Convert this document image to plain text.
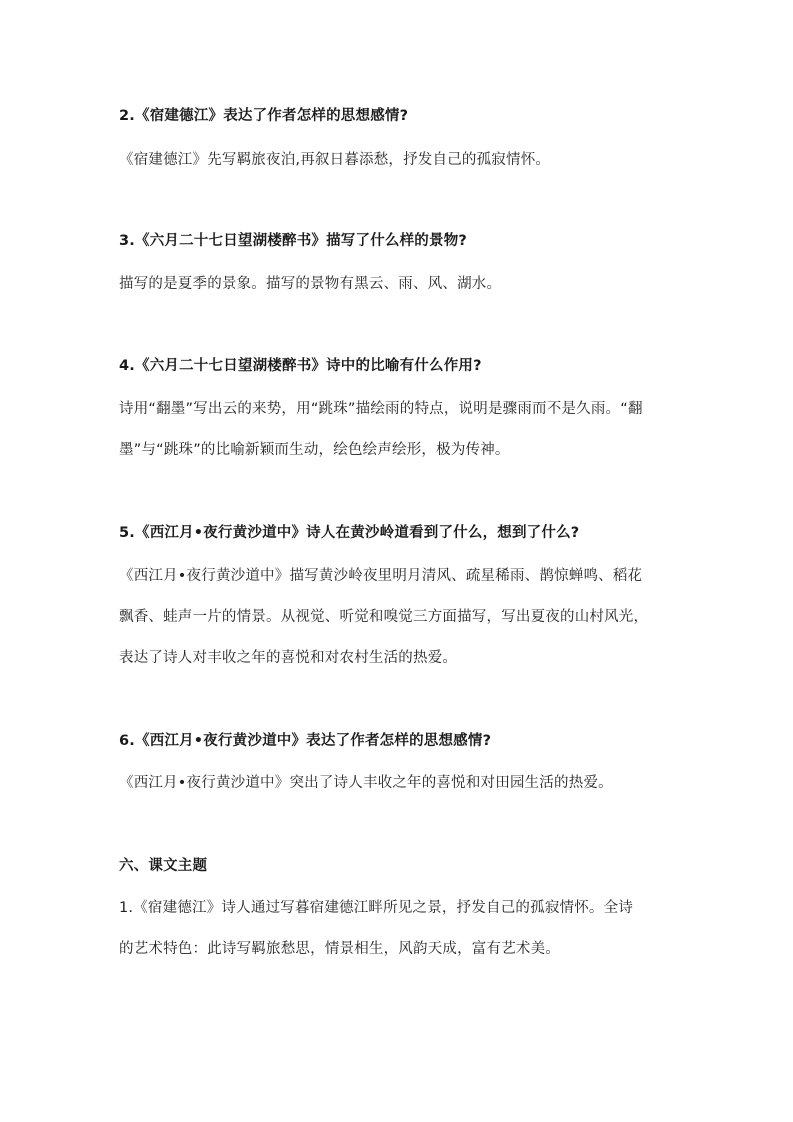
2.《宿建德江》表达了作者怎样的思想感情?
《宿建德江》先写羁旅夜泊,再叙日暮添愁，抒发自己的孤寂情怀。
3.《六月二十七日望湖楼醉书》描写了什么样的景物?
描写的是夏季的景象。描写的景物有黑云、雨、风、湖水。
4.《六月二十七日望湖楼醉书》诗中的比喻有什么作用?
诗用“翻墨”写出云的来势，用“跳珠”描绘雨的特点，说明是骤雨而不是久雨。“翻
墨”与“跳珠”的比喻新颖而生动，绘色绘声绘形，极为传神。
5.《西江月•夜行黄沙道中》诗人在黄沙岭道看到了什么，想到了什么?
《西江月•夜行黄沙道中》描写黄沙岭夜里明月清风、疏星稀雨、鹊惊蝉鸣、稻花
飘香、蛙声一片的情景。从视觉、听觉和嗅觉三方面描写，写出夏夜的山村风光，
表达了诗人对丰收之年的喜悦和对农村生活的热爱。
6.《西江月•夜行黄沙道中》表达了作者怎样的思想感情?
《西江月•夜行黄沙道中》突出了诗人丰收之年的喜悦和对田园生活的热爱。
六、课文主题
1.《宿建德江》诗人通过写暮宿建德江畔所见之景，抒发自己的孤寂情怀。全诗
的艺术特色：此诗写羁旅愁思，情景相生，风韵天成，富有艺术美。
